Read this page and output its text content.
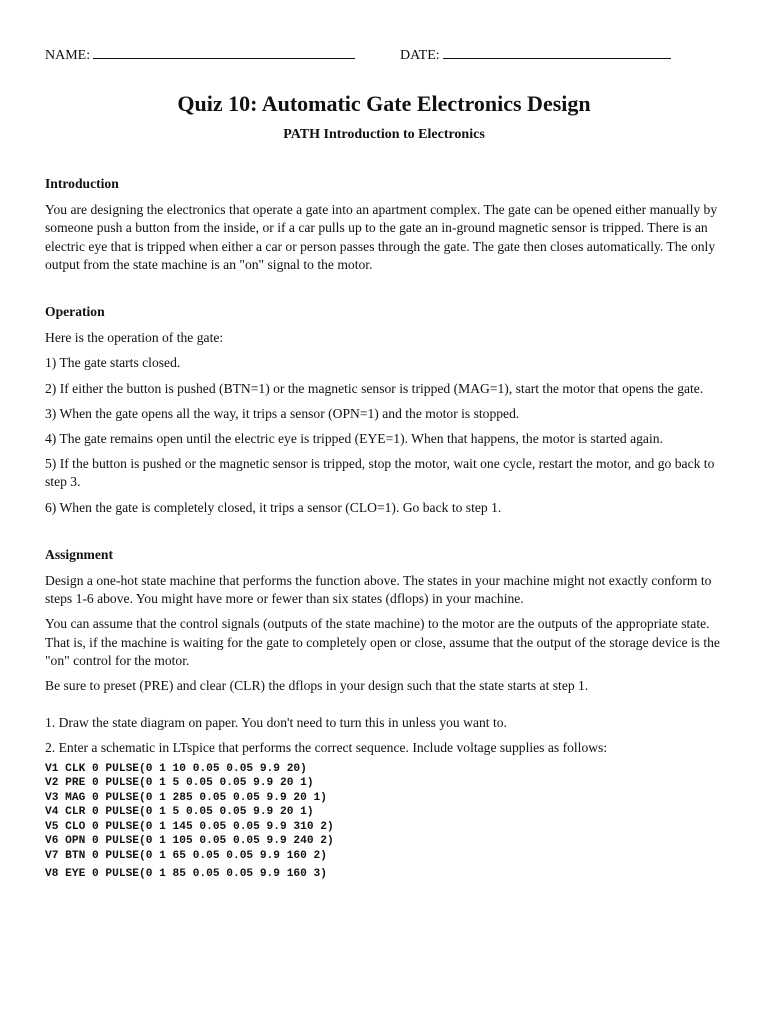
NAME:	DATE:
Quiz 10: Automatic Gate Electronics Design
PATH Introduction to Electronics
Introduction

You are designing the electronics that operate a gate into an apartment complex. The gate can be opened either manually by someone push a button from the inside, or if a car pulls up to the gate an in-ground magnetic sensor is tripped. There is an electric eye that is tripped when either a car or person passes through the gate. The gate then closes automatically. The only output from the state machine is an "on" signal to the motor.

Operation

Here is the operation of the gate:

1) The gate starts closed.

2) If either the button is pushed (BTN=1) or the magnetic sensor is tripped (MAG=1), start the motor that opens the gate.

3) When the gate opens all the way, it trips a sensor (OPN=1) and the motor is stopped.

4) The gate remains open until the electric eye is tripped (EYE=1). When that happens, the motor is started again.

5) If the button is pushed or the magnetic sensor is tripped, stop the motor, wait one cycle, restart the motor, and go back to step 3.

6) When the gate is completely closed, it trips a sensor (CLO=1). Go back to step 1.

Assignment

Design a one-hot state machine that performs the function above. The states in your machine might not exactly conform to steps 1-6 above. You might have more or fewer than six states (dflops) in your machine.

You can assume that the control signals (outputs of the state machine) to the motor are the outputs of the appropriate state. That is, if the machine is waiting for the gate to completely open or close, assume that the output of the storage device is the "on" control for the motor.

Be sure to preset (PRE) and clear (CLR) the dflops in your design such that the state starts at step 1.

1. Draw the state diagram on paper. You don't need to turn this in unless you want to.

2. Enter a schematic in LTspice that performs the correct sequence. Include voltage supplies as follows:

V1 CLK 0 PULSE(0 1 10 0.05 0.05 9.9 20)
V2 PRE 0 PULSE(0 1 5 0.05 0.05 9.9 20 1)
V3 MAG 0 PULSE(0 1 285 0.05 0.05 9.9 20 1)
V4 CLR 0 PULSE(0 1 5 0.05 0.05 9.9 20 1)
V5 CLO 0 PULSE(0 1 145 0.05 0.05 9.9 310 2)
V6 OPN 0 PULSE(0 1 105 0.05 0.05 9.9 240 2)
V7 BTN 0 PULSE(0 1 65 0.05 0.05 9.9 160 2)
V8 EYE 0 PULSE(0 1 85 0.05 0.05 9.9 160 3)
